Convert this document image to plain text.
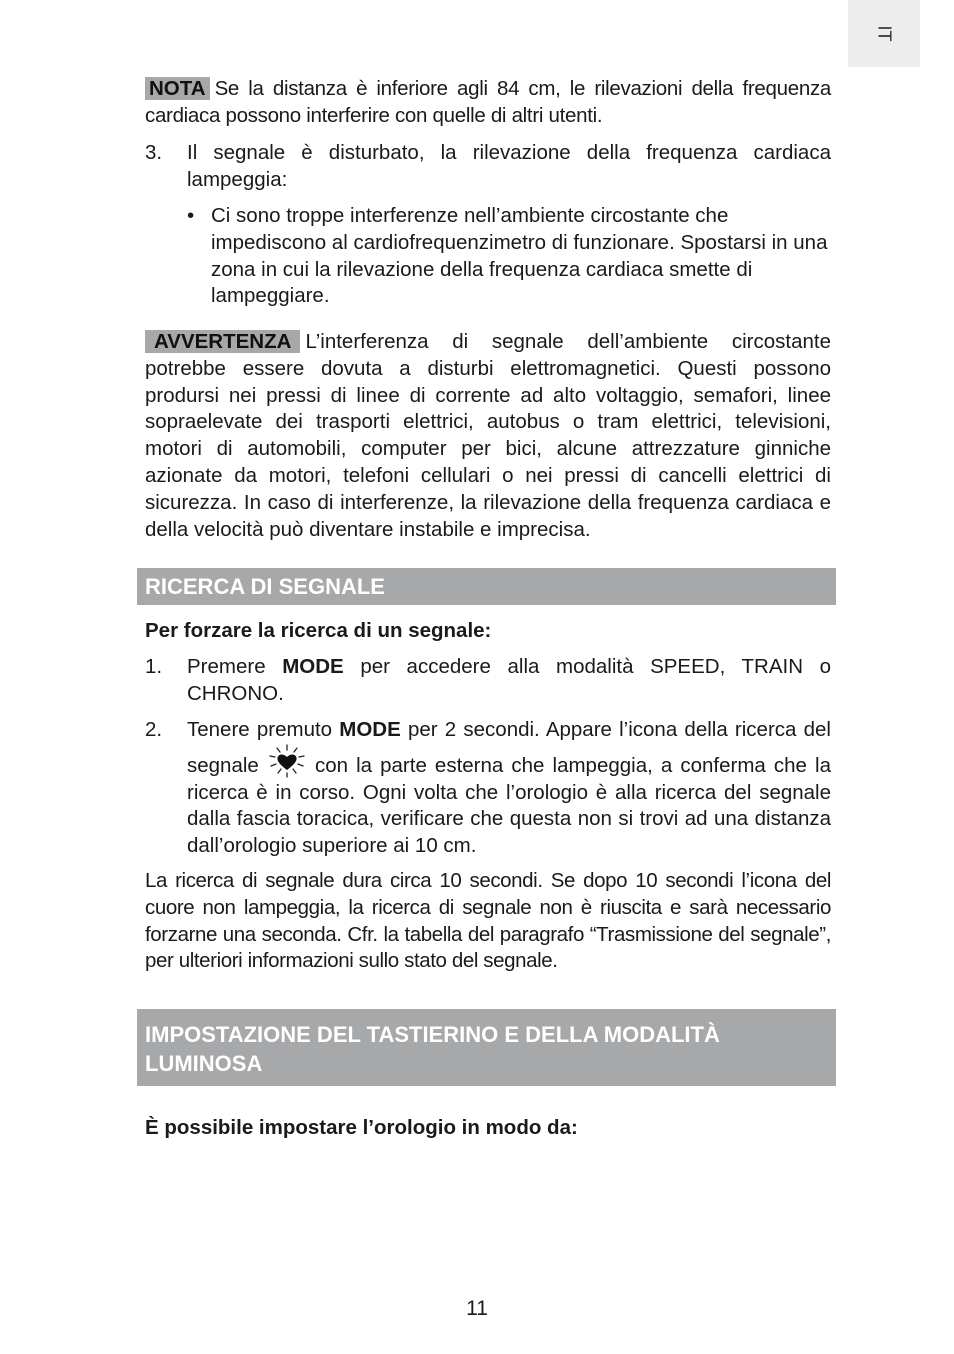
IT

NOTA Se la distanza è inferiore agli 84 cm, le rilevazioni della frequenza cardiaca possono interferire con quelle di altri utenti.

3. Il segnale è disturbato, la rilevazione della frequenza cardiaca lampeggia:
• Ci sono troppe interferenze nell’ambiente circostante che impediscono al cardiofrequenzimetro di funzionare. Spostarsi in una zona in cui la rilevazione della frequenza cardiaca smette di lampeggiare.

AVVERTENZA L’interferenza di segnale dell’ambiente circostante potrebbe essere dovuta a disturbi elettromagnetici. Questi possono prodursi nei pressi di linee di corrente ad alto voltaggio, semafori, linee sopraelevate dei trasporti elettrici, autobus o tram elettrici, televisioni, motori di automobili, computer per bici, alcune attrezzature ginniche azionate da motori, telefoni cellulari o nei pressi di cancelli elettrici di sicurezza. In caso di interferenze, la rilevazione della frequenza cardiaca e della velocità può diventare instabile e imprecisa.

RICERCA DI SEGNALE
Per forzare la ricerca di un segnale:
1. Premere MODE per accedere alla modalità SPEED, TRAIN o CHRONO.
2. Tenere premuto MODE per 2 secondi. Appare l’icona della ricerca del segnale	con la parte esterna che lampeggia, a conferma che la ricerca è in corso. Ogni volta che l’orologio è alla ricerca del segnale dalla fascia toracica, verificare che questa non si trovi ad una distanza dall’orologio superiore ai 10 cm.

La ricerca di segnale dura circa 10 secondi. Se dopo 10 secondi l’icona del cuore non lampeggia, la ricerca di segnale non è riuscita e sarà necessario forzarne una seconda. Cfr. la tabella del paragrafo “Trasmissione del segnale”, per ulteriori informazioni sullo stato del segnale.

IMPOSTAZIONE DEL TASTIERINO E DELLA MODALITÀ
LUMINOSA
È possibile impostare l’orologio in modo da:
11
